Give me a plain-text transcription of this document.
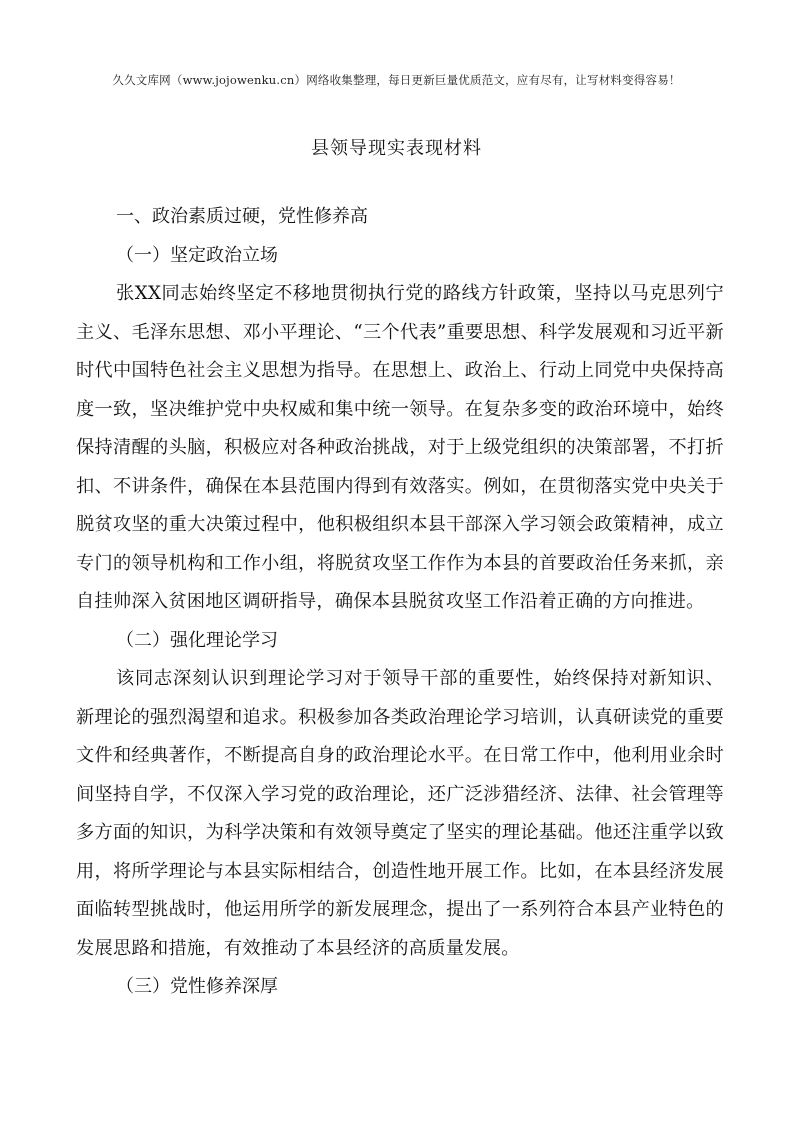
久久文库网（www.jojowenku.cn）网络收集整理，每日更新巨量优质范文，应有尽有，让写材料变得容易！
县领导现实表现材料

一、政治素质过硬，党性修养高

（一）坚定政治立场

张XX同志始终坚定不移地贯彻执行党的路线方针政策，坚持以马克思列宁主义、毛泽东思想、邓小平理论、“三个代表”重要思想、科学发展观和习近平新时代中国特色社会主义思想为指导。在思想上、政治上、行动上同党中央保持高度一致，坚决维护党中央权威和集中统一领导。在复杂多变的政治环境中，始终保持清醒的头脑，积极应对各种政治挑战，对于上级党组织的决策部署，不打折扣、不讲条件，确保在本县范围内得到有效落实。例如，在贯彻落实党中央关于脱贫攻坚的重大决策过程中，他积极组织本县干部深入学习领会政策精神，成立专门的领导机构和工作小组，将脱贫攻坚工作作为本县的首要政治任务来抓，亲自挂帅深入贫困地区调研指导，确保本县脱贫攻坚工作沿着正确的方向推进。

（二）强化理论学习

该同志深刻认识到理论学习对于领导干部的重要性，始终保持对新知识、新理论的强烈渴望和追求。积极参加各类政治理论学习培训，认真研读党的重要文件和经典著作，不断提高自身的政治理论水平。在日常工作中，他利用业余时间坚持自学，不仅深入学习党的政治理论，还广泛涉猎经济、法律、社会管理等多方面的知识，为科学决策和有效领导奠定了坚实的理论基础。他还注重学以致用，将所学理论与本县实际相结合，创造性地开展工作。比如，在本县经济发展面临转型挑战时，他运用所学的新发展理念，提出了一系列符合本县产业特色的发展思路和措施，有效推动了本县经济的高质量发展。

（三）党性修养深厚
